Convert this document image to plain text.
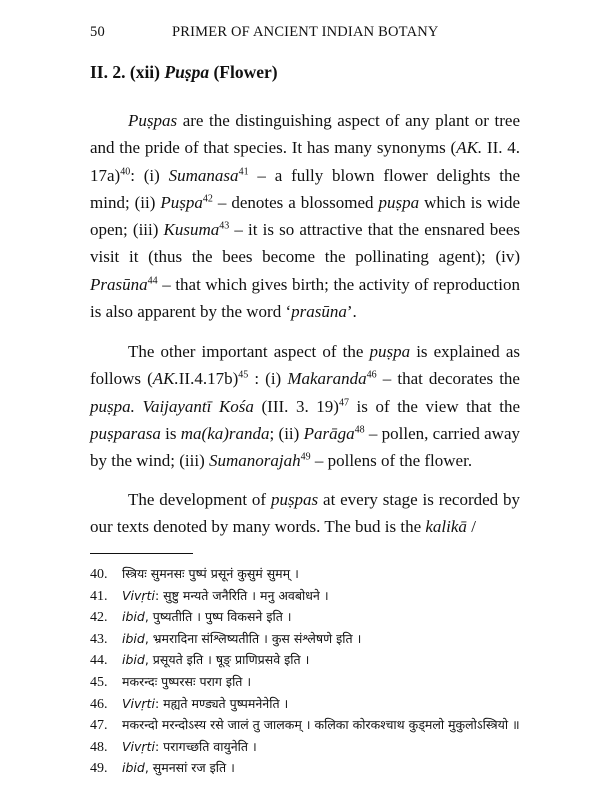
50	PRIMER OF ANCIENT INDIAN BOTANY
II. 2. (xii) Puṣpa (Flower)

Puṣpas are the distinguishing aspect of any plant or tree and the pride of that species. It has many synonyms (AK. II. 4. 17a)$^{40}$: (i) Sumanasa$^{41}$ – a fully blown flower delights the mind; (ii) Puṣpa$^{42}$ – denotes a blossomed puṣpa which is wide open; (iii) Kusuma$^{43}$ – it is so attractive that the ensnared bees visit it (thus the bees become the pollinating agent); (iv) Prasūna$^{44}$ – that which gives birth; the activity of reproduction is also apparent by the word ‘prasūna’.

The other important aspect of the puṣpa is explained as follows $(AK.II.4.17b)^{45}$ : (i) Makaranda$^{46}$ – that decorates the puṣpa. Vaijayantī Kośa (III. 3. 19)$^{47}$ is of the view that the puṣparasa is ma(ka)randa; (ii) Parāga$^{48}$ – pollen, carried away by the wind; (iii) Sumanorajah$^{49}$ – pollens of the flower.

The development of puṣpas at every stage is recorded by our texts denoted by many words. The bud is the kalikā /

40. स्त्रियः सुमनसः पुष्पं प्रसूनं कुसुमं सुमम् ।
41. Vivṛti: सुष्टु मन्यते जनैरिति । मनु अवबोधने ।
42. ibid, पुष्यतीति । पुष्प विकसने इति ।
43. ibid, भ्रमरादिना संश्लिष्यतीति । कुस संश्लेषणे इति ।
44. ibid, प्रसूयते इति । षूङ् प्राणिप्रसवे इति ।
45. मकरन्दः पुष्परसः पराग इति ।
46. Vivṛti: मह्यते मण्ड्यते पुष्पमनेनेति ।
47. मकरन्दो मरन्दोऽस्य रसे जालं तु जालकम् । कलिका कोरकश्चाथ कुड्मलो मुकुलोऽस्त्रियो ॥
48. Vivṛti: परागच्छति वायुनेति ।
49. ibid, सुमनसां रज इति ।
